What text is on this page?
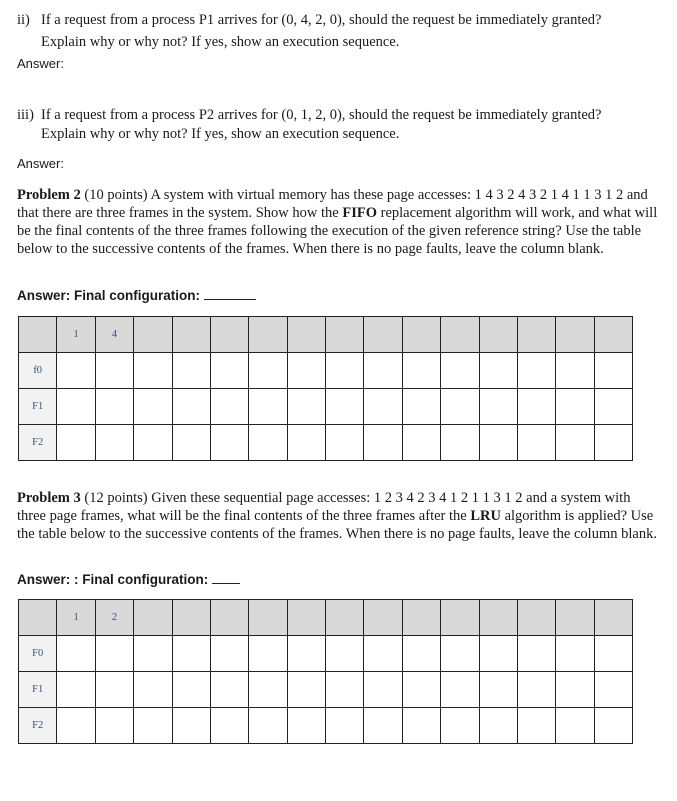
ii) If a request from a process P1 arrives for (0, 4, 2, 0), should the request be immediately granted?
Explain why or why not? If yes, show an execution sequence.
Answer:
iii) If a request from a process P2 arrives for (0, 1, 2, 0), should the request be immediately granted?
Explain why or why not? If yes, show an execution sequence.
Answer:
Problem 2 (10 points) A system with virtual memory has these page accesses: 1 4 3 2 4 3 2 1 4 1 1 3 1 2 and that there are three frames in the system. Show how the FIFO replacement algorithm will work, and what will be the final contents of the three frames following the execution of the given reference string? Use the table below to the successive contents of the frames. When there is no page faults, leave the column blank.
Answer: Final configuration:
	1	4													
f0															
F1															
F2															
Problem 3 (12 points) Given these sequential page accesses: 1 2 3 4 2 3 4 1 2 1 1 3 1 2 and a system with three page frames, what will be the final contents of the three frames after the LRU algorithm is applied? Use the table below to the successive contents of the frames. When there is no page faults, leave the column blank.
Answer: : Final configuration:
	1	2													
F0															
F1															
F2															
